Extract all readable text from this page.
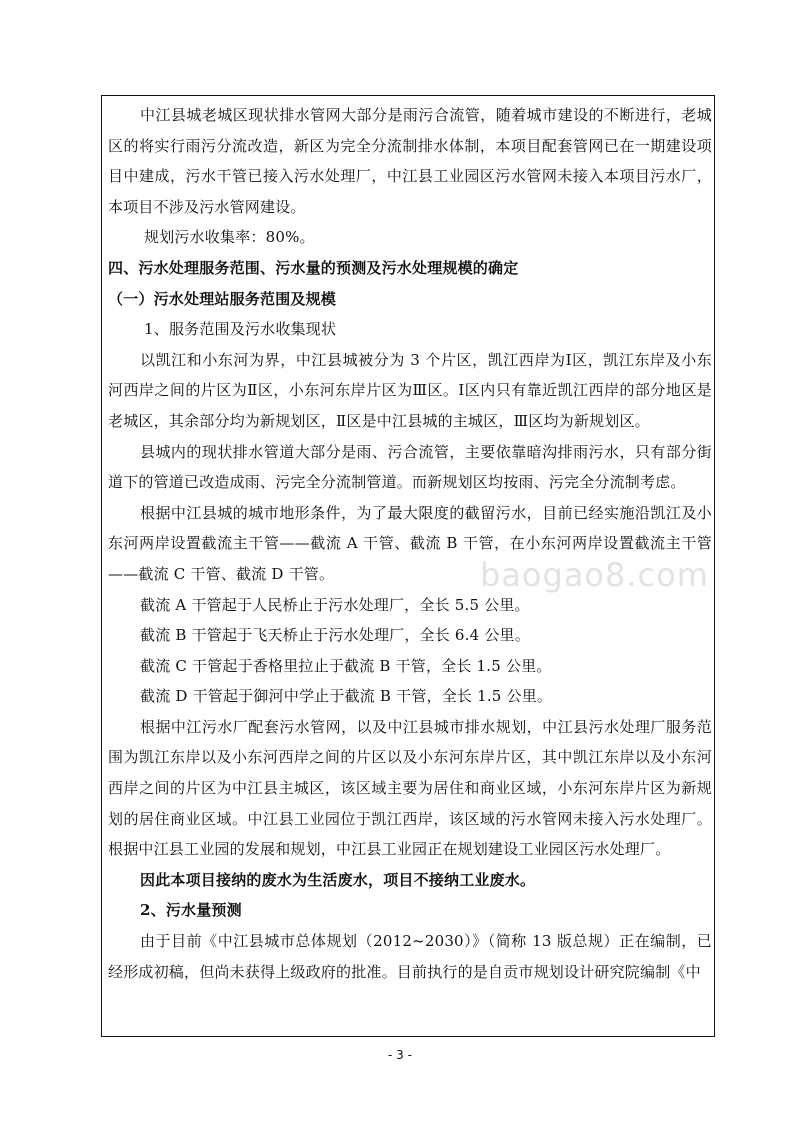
中江县城老城区现状排水管网大部分是雨污合流管，随着城市建设的不断进行，老城区的将实行雨污分流改造，新区为完全分流制排水体制，本项目配套管网已在一期建设项目中建成，污水干管已接入污水处理厂，中江县工业园区污水管网未接入本项目污水厂，本项目不涉及污水管网建设。

规划污水收集率：80%。

四、污水处理服务范围、污水量的预测及污水处理规模的确定

（一）污水处理站服务范围及规模

1、服务范围及污水收集现状

以凯江和小东河为界，中江县城被分为 3 个片区，凯江西岸为Ⅰ区，凯江东岸及小东河西岸之间的片区为Ⅱ区，小东河东岸片区为Ⅲ区。Ⅰ区内只有靠近凯江西岸的部分地区是老城区，其余部分均为新规划区，Ⅱ区是中江县城的主城区，Ⅲ区均为新规划区。

县城内的现状排水管道大部分是雨、污合流管，主要依靠暗沟排雨污水，只有部分街道下的管道已改造成雨、污完全分流制管道。而新规划区均按雨、污完全分流制考虑。

根据中江县城的城市地形条件，为了最大限度的截留污水，目前已经实施沿凯江及小东河两岸设置截流主干管——截流 A 干管、截流 B 干管，在小东河两岸设置截流主干管——截流 C 干管、截流 D 干管。

截流 A 干管起于人民桥止于污水处理厂，全长 5.5 公里。

截流 B 干管起于飞天桥止于污水处理厂，全长 6.4 公里。

截流 C 干管起于香格里拉止于截流 B 干管，全长 1.5 公里。

截流 D 干管起于御河中学止于截流 B 干管，全长 1.5 公里。

根据中江污水厂配套污水管网，以及中江县城市排水规划，中江县污水处理厂服务范围为凯江东岸以及小东河西岸之间的片区以及小东河东岸片区，其中凯江东岸以及小东河西岸之间的片区为中江县主城区，该区域主要为居住和商业区域，小东河东岸片区为新规划的居住商业区域。中江县工业园位于凯江西岸，该区域的污水管网未接入污水处理厂。根据中江县工业园的发展和规划，中江县工业园正在规划建设工业园区污水处理厂。

因此本项目接纳的废水为生活废水，项目不接纳工业废水。

2、污水量预测

由于目前《中江县城市总体规划（2012~2030）》（简称 13 版总规）正在编制，已经形成初稿，但尚未获得上级政府的批准。目前执行的是自贡市规划设计研究院编制《中

baogao8.com
- 3 -
